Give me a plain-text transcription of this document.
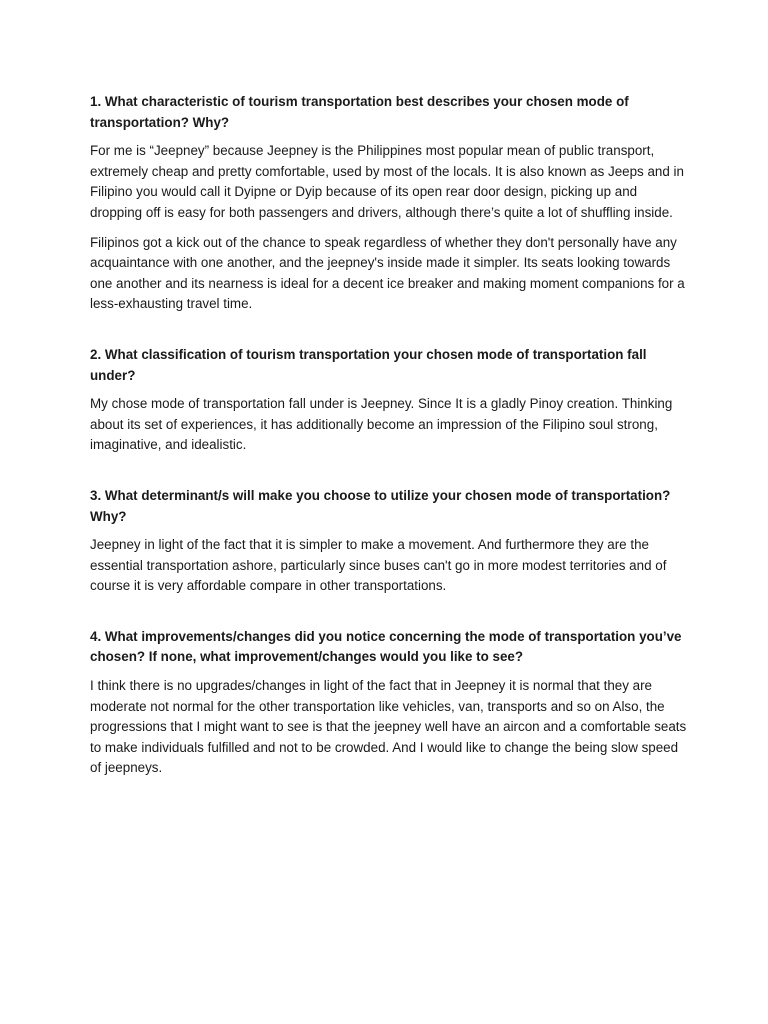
1. What characteristic of tourism transportation best describes your chosen mode of transportation? Why?

For me is “Jeepney” because Jeepney is the Philippines most popular mean of public transport, extremely cheap and pretty comfortable, used by most of the locals. It is also known as Jeeps and in Filipino you would call it Dyipne or Dyip because of its open rear door design, picking up and dropping off is easy for both passengers and drivers, although there’s quite a lot of shuffling inside.

Filipinos got a kick out of the chance to speak regardless of whether they don't personally have any acquaintance with one another, and the jeepney's inside made it simpler. Its seats looking towards one another and its nearness is ideal for a decent ice breaker and making moment companions for a less-exhausting travel time.

2. What classification of tourism transportation your chosen mode of transportation fall under?

My chose mode of transportation fall under is Jeepney. Since It is a gladly Pinoy creation. Thinking about its set of experiences, it has additionally become an impression of the Filipino soul strong, imaginative, and idealistic.

3. What determinant/s will make you choose to utilize your chosen mode of transportation? Why?

Jeepney in light of the fact that it is simpler to make a movement. And furthermore they are the essential transportation ashore, particularly since buses can't go in more modest territories and of course it is very affordable compare in other transportations.

4. What improvements/changes did you notice concerning the mode of transportation you’ve chosen? If none, what improvement/changes would you like to see?

I think there is no upgrades/changes in light of the fact that in Jeepney it is normal that they are moderate not normal for the other transportation like vehicles, van, transports and so on Also, the progressions that I might want to see is that the jeepney well have an aircon and a comfortable seats to make individuals fulfilled and not to be crowded. And I would like to change the being slow speed of jeepneys.
